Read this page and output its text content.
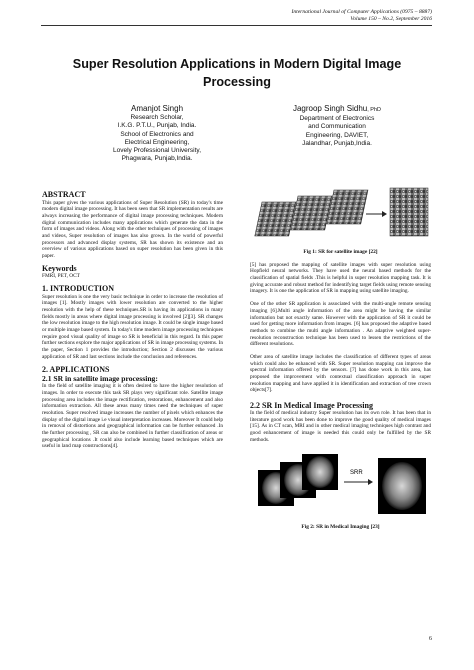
International Journal of Computer Applications (0975 – 8887)
Volume 150 – No.2, September 2016
Super Resolution Applications in Modern Digital Image
Processing
Amanjot Singh
Research Scholar,
I.K.G. P.T.U., Punjab, India.
School of Electronics and
Electrical Engineering,
Lovely Professional University,
Phagwara, Punjab,India.
Jagroop Singh Sidhu, PhD
Department of Electronics
and Communication
Engineering, DAVIET,
Jalandhar, Punjab,India.
ABSTRACT

This paper gives the various applications of Super Resolution (SR) in today's time modern digital image processing. It has been seen that SR implementation results are always increasing the performance of digital image processing techniques. Modern digital communication includes many applications which generate the data in the form of images and videos. Along with the other techniques of processing of images and videos, Super resolution of images has also grown. In the world of powerful processors and advanced display systems, SR has shown its existence and an overview of various applications based on super resolution has been given in this paper.

Keywords

FMRI, PET, OCT

1. INTRODUCTION

Super resolution is one the very basic technique in order to increase the resolution of images [1]. Mostly images with lower resolution are converted to the higher resolution with the help of these techniques.SR is having its applications in many fields mostly in areas where digital image processing is involved [2][3]. SR changes the low resolution image to the high resolution image. It could be single image based or multiple image based system. In today's time modern image processing techniques require good visual quality of image so SR is beneficial in this regard. In this paper further sections explore the major applications of SR in image processing systems. In the paper, Section 1 provides the introduction; Section 2 discusses the various application of SR and last sections include the conclusion and references.

2. APPLICATIONS
2.1 SR in satellite image processing:

In the field of satellite imaging it is often desired to have the higher resolution of images. In order to execute this task SR plays very significant role. Satellite image processing area includes the image rectification, restorations, enhancement and also information extraction. All these areas many times need the techniques of super resolution. Super resolved image increases the number of pixels which enhances the display of the digital image i.e visual interpretation increases. Moreover It could help in removal of distortions and geographical information can be further enhanced .In the further processing , SR can also be combined in further classification of areas or geographical locations .It could also include learning based techniques which are useful in land map constructions[4].

Fig 1: SR for satellite image [22]

[5] has proposed the mapping of satellite images with super resolution using Hopfield neural networks. They have used the neural based methods for the classification of spatial fields .This is helpful in super resolution mapping task. It is giving accurate and robust method for indentifying target fields using remote sensing imagery. It is one the application of SR in mapping using satellite imaging.

One of the other SR application is associated with the multi-angle remote sensing imaging [6].Multi angle information of the area might be having the similar information but not exactly same. However with the application of SR it could be used for getting more information from images. [6] has proposed the adaptive based methods to combine the multi angle information . An adaptive weighted super-resolution reconstruction technique has been used to lessen the restrictions of the different resolutions.

Other area of satellite image includes the classification of different types of areas which could also be enhanced with SR. Super resolution mapping can improve the spectral information offered by the sensors. [7] has done work in this area, has proposed the improvement with contextual classification approach in super resolution mapping and have applied it in identification and extraction of tree crown objects[7].

2.2 SR In Medical Image Processing

In the field of medical industry Super resolution has its own role. It has been that in literature good work has been done to improve the good quality of medical images [15]. As in CT scan, MRI and in other medical imaging techniques high contrast and good enhancement of image is needed this could only be fulfilled by the SR methods.

SRR
Fig 2: SR in Medical Imaging [23]
6
